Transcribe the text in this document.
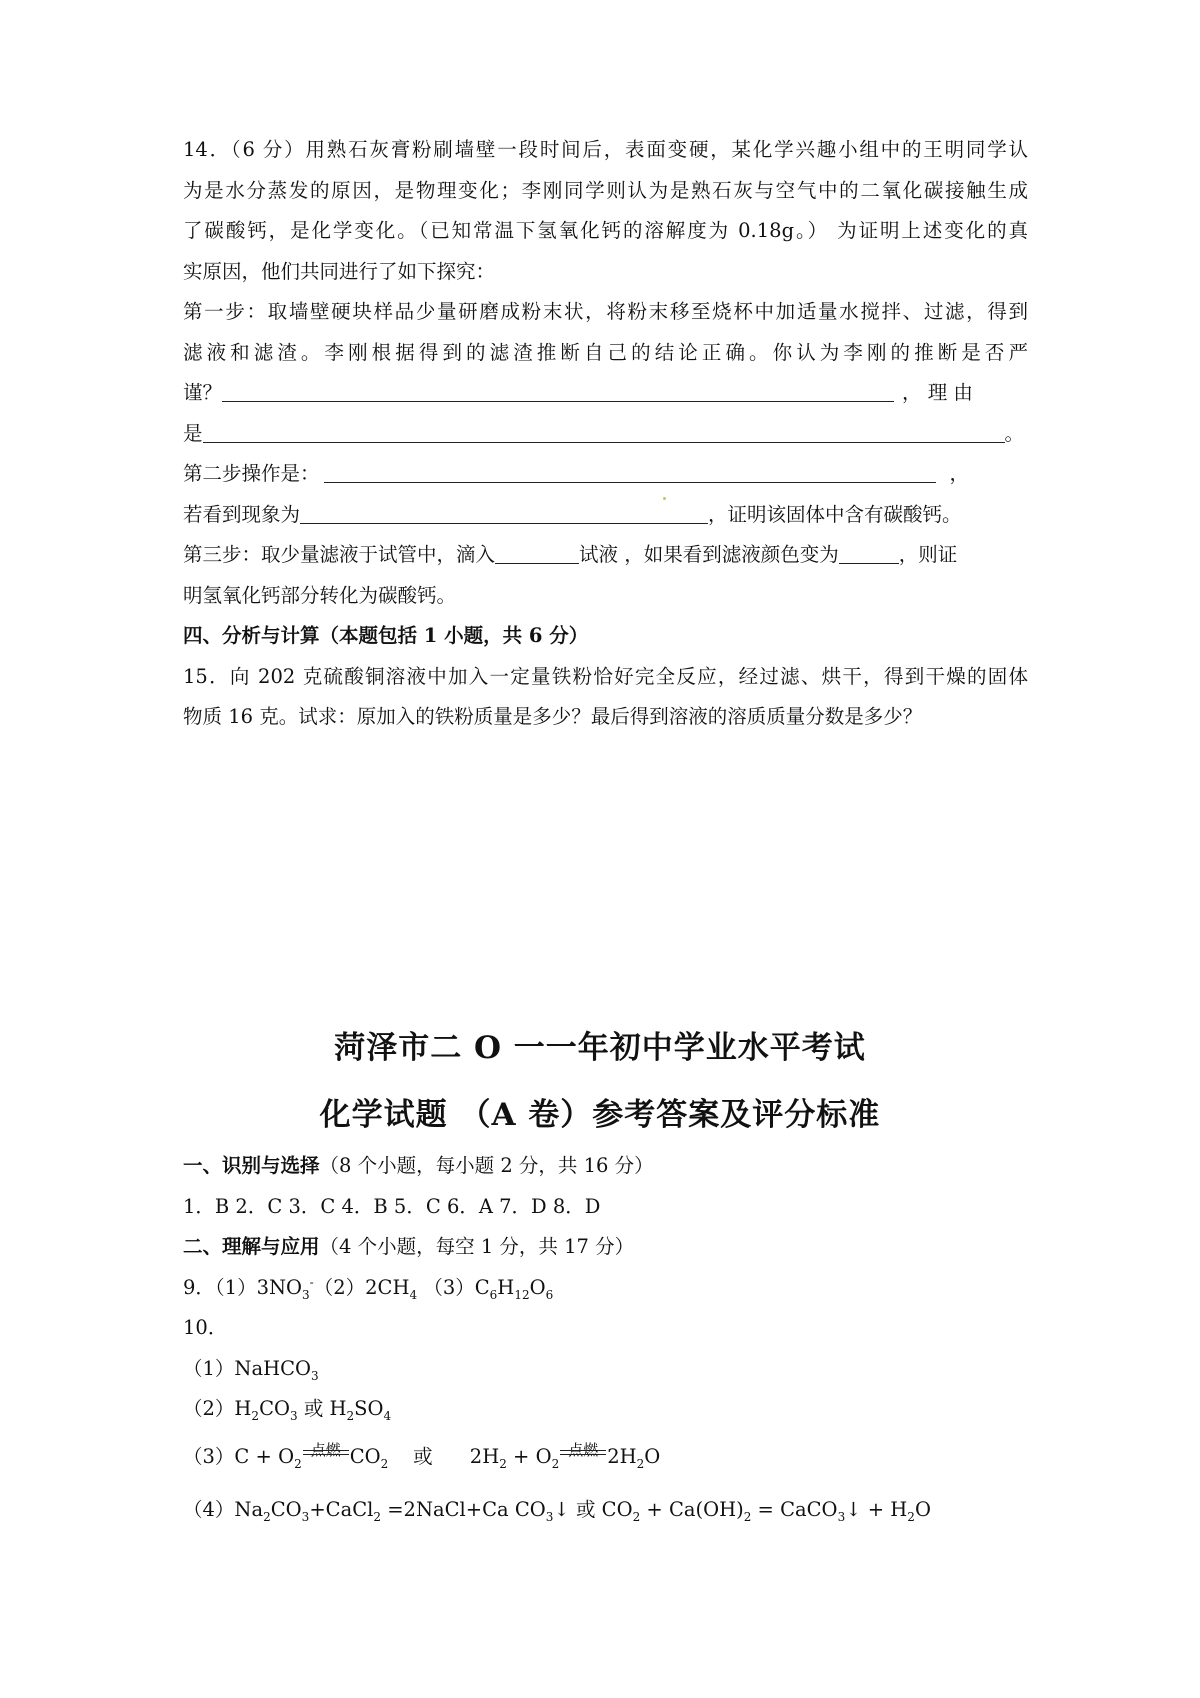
14．（6 分）用熟石灰膏粉刷墙壁一段时间后，表面变硬，某化学兴趣小组中的王明同学认

为是水分蒸发的原因，是物理变化；李刚同学则认为是熟石灰与空气中的二氧化碳接触生成

了碳酸钙，是化学变化。（已知常温下氢氧化钙的溶解度为 0.18g。） 为证明上述变化的真

实原因，他们共同进行了如下探究：

第一步：取墙壁硬块样品少量研磨成粉末状，将粉末移至烧杯中加适量水搅拌、过滤，得到

滤液和滤渣。李刚根据得到的滤渣推断自己的结论正确。你认为李刚的推断是否严

谨？	， 理 由

是	。

第二步操作是：	，

若看到现象为	，证明该固体中含有碳酸钙。

第三步：取少量滤液于试管中，滴入	试液 ，如果看到滤液颜色变为	，则证

明氢氧化钙部分转化为碳酸钙。

四、分析与计算（本题包括 1 小题，共 6 分）

15．向 202 克硫酸铜溶液中加入一定量铁粉恰好完全反应，经过滤、烘干，得到干燥的固体

物质 16 克。试求：原加入的铁粉质量是多少？最后得到溶液的溶质质量分数是多少？

菏泽市二 O 一一年初中学业水平考试
化学试题 （A 卷）参考答案及评分标准

一、识别与选择（8 个小题，每小题 2 分，共 16 分）

1．B 2．C 3．C 4．B 5．C 6．A 7．D 8．D

二、理解与应用（4 个小题，每空 1 分，共 17 分）

9．$(1)3NO_3^-(2)2CH_4$ $(3)C_6H_{12}O_6$

10．

（1）NaHCO$_3$

$(2)H_2CO_3$ 或 $H_2SO_4$

$(3)C + O_2$
点燃 $CO_2$ 或 $2H_2 + O_2$
点燃 $2H_2O$

$(4)Na_2CO_3+CaCl_2$ =2NaCl+Ca $CO_3↓$ 或 $CO_2 + Ca(OH)_2$ = CaCO$_3$↓ + $H_2O$
